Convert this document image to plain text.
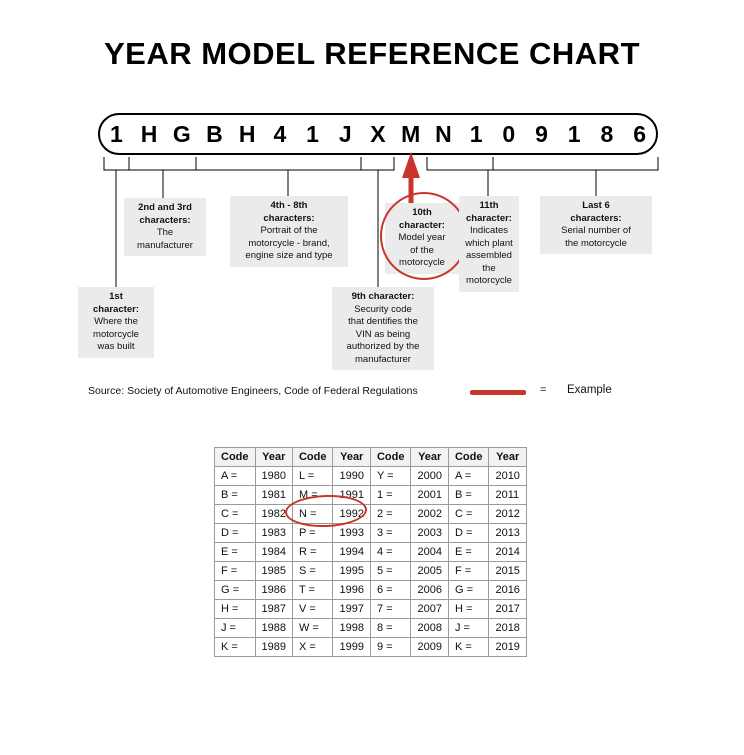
YEAR MODEL REFERENCE CHART
1 H G B H 4 1 J X M N 1 0 9 1 8 6
1st
character:
Where the
motorcycle
was built
2nd and 3rd
characters:
The
manufacturer
4th - 8th
characters:
Portrait of the
motorcycle - brand,
engine size and type
9th character:
Security code
that dentifies the
VIN as being
authorized by the
manufacturer
10th
character:
Model year
of the
motorcycle
11th
character:
Indicates
which plant
assembled
the
motorcycle
Last 6
characters:
Serial number of
the motorcycle
Source: Society of Automotive Engineers, Code of Federal Regulations	= Example
Code	Year	Code	Year	Code	Year	Code	Year
A =	1980	L =	1990	Y =	2000	A =	2010
B =	1981	M =	1991	1 =	2001	B =	2011
C =	1982	N =	1992	2 =	2002	C =	2012
D =	1983	P =	1993	3 =	2003	D =	2013
E =	1984	R =	1994	4 =	2004	E =	2014
F =	1985	S =	1995	5 =	2005	F =	2015
G =	1986	T =	1996	6 =	2006	G =	2016
H =	1987	V =	1997	7 =	2007	H =	2017
J =	1988	W =	1998	8 =	2008	J =	2018
K =	1989	X =	1999	9 =	2009	K =	2019
